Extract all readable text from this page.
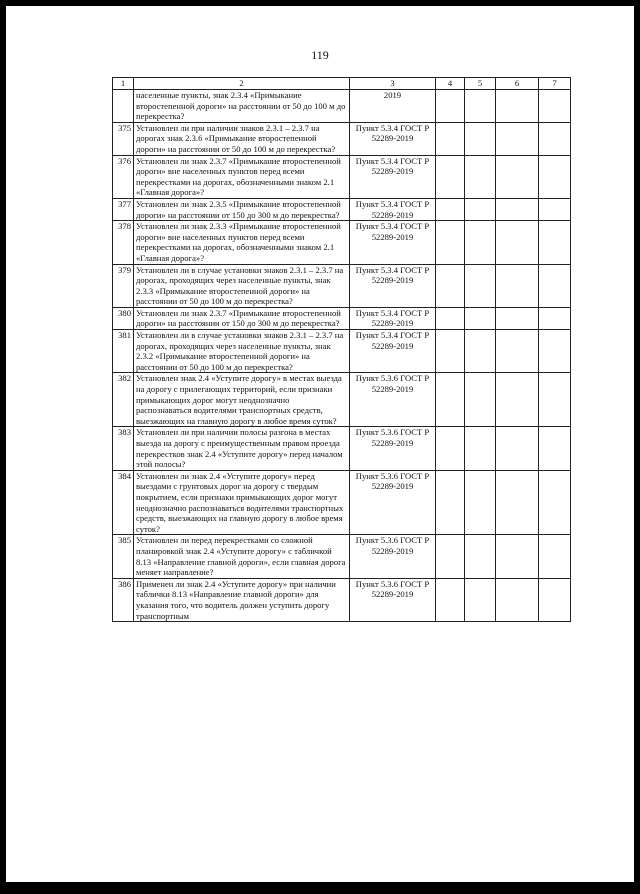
119
1	2	3	4	5	6	7
	населенные пункты, знак 2.3.4 «Примыкание второстепенной дороги» на расстоянии от 50 до 100 м до перекрестка?	2019				
375	Установлен ли при наличии знаков 2.3.1 – 2.3.7 на дорогах знак 2.3.6 «Примыкание второстепенной дороги» на расстоянии от 50 до 100 м до перекрестка?	Пункт 5.3.4 ГОСТ Р 52289-2019				
376	Установлен ли знак 2.3.7 «Примыкание второстепенной дороги» вне населенных пунктов перед всеми перекрестками на дорогах, обозначенными знаком 2.1 «Главная дорога»?	Пункт 5.3.4 ГОСТ Р 52289-2019				
377	Установлен ли знак 2.3.5 «Примыкание второстепенной дороги» на расстоянии от 150 до 300 м до перекрестка?	Пункт 5.3.4 ГОСТ Р 52289-2019				
378	Установлен ли знак 2.3.3 «Примыкание второстепенной дороги» вне населенных пунктов перед всеми перекрестками на дорогах, обозначенными знаком 2.1 «Главная дорога»?	Пункт 5.3.4 ГОСТ Р 52289-2019				
379	Установлен ли в случае установки знаков 2.3.1 – 2.3.7 на дорогах, проходящих через населенные пункты, знак 2.3.3 «Примыкание второстепенной дороги» на расстоянии от 50 до 100 м до перекрестка?	Пункт 5.3.4 ГОСТ Р 52289-2019				
380	Установлен ли знак 2.3.7 «Примыкание второстепенной дороги» на расстоянии от 150 до 300 м до перекрестка?	Пункт 5.3.4 ГОСТ Р 52289-2019				
381	Установлен ли в случае установки знаков 2.3.1 – 2.3.7 на дорогах, проходящих через населенные пункты, знак 2.3.2 «Примыкание второстепенной дороги» на расстоянии от 50 до 100 м до перекрестка?	Пункт 5.3.4 ГОСТ Р 52289-2019				
382	Установлен знак 2.4 «Уступите дорогу» в местах выезда на дорогу с прилегающих территорий, если признаки примыкающих дорог могут неоднозначно распознаваться водителями транспортных средств, выезжающих на главную дорогу в любое время суток?	Пункт 5.3.6 ГОСТ Р 52289-2019				
383	Установлен ли при наличии полосы разгона в местах выезда на дорогу с преимущественным правом проезда перекрестков знак 2.4 «Уступите дорогу» перед началом этой полосы?	Пункт 5.3.6 ГОСТ Р 52289-2019				
384	Установлен ли знак 2.4 «Уступите дорогу» перед выездами с грунтовых дорог на дорогу с твердым покрытием, если признаки примыкающих дорог могут неоднозначно распознаваться водителями транспортных средств, выезжающих на главную дорогу в любое время суток?	Пункт 5.3.6 ГОСТ Р 52289-2019				
385	Установлен ли перед перекрестками со сложной планировкой знак 2.4 «Уступите дорогу» с табличкой 8.13 «Направление главной дороги», если главная дорога меняет направление?	Пункт 5.3.6 ГОСТ Р 52289-2019				
386	Применен ли знак 2.4 «Уступите дорогу» при наличии таблички 8.13 «Направление главной дороги» для указания того, что водитель должен уступить дорогу транспортным	Пункт 5.3.6 ГОСТ Р 52289-2019				
